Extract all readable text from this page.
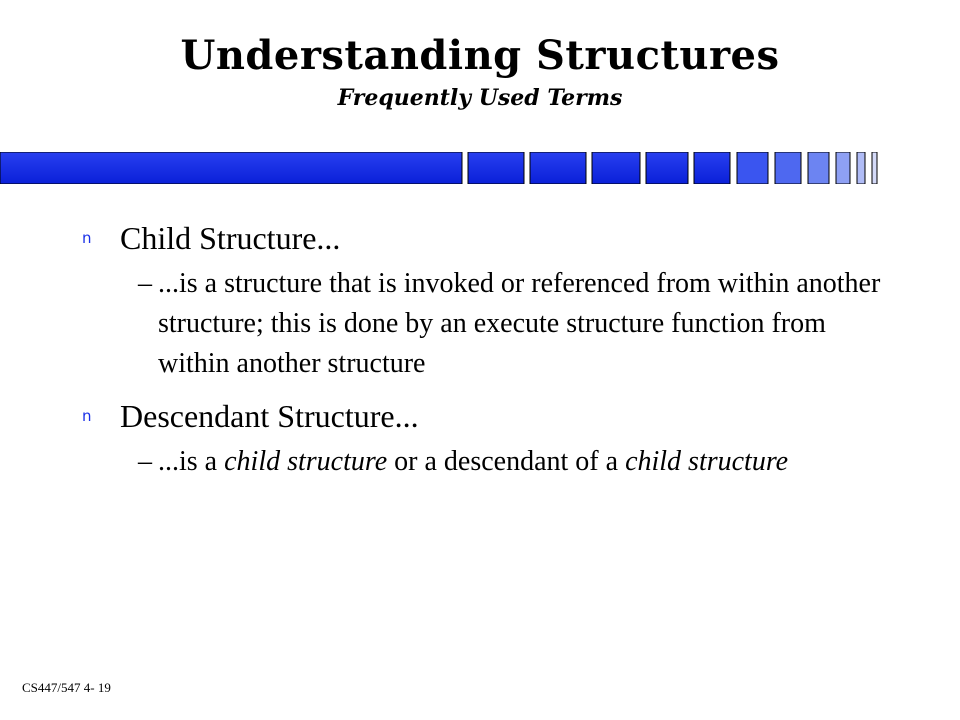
Understanding Structures
Frequently Used Terms
n Child Structure...
– ...is a structure that is invoked or referenced from within another structure; this is done by an execute structure function from within another structure
n Descendant Structure...
– ...is a child structure or a descendant of a child structure
CS447/547 4- 19
